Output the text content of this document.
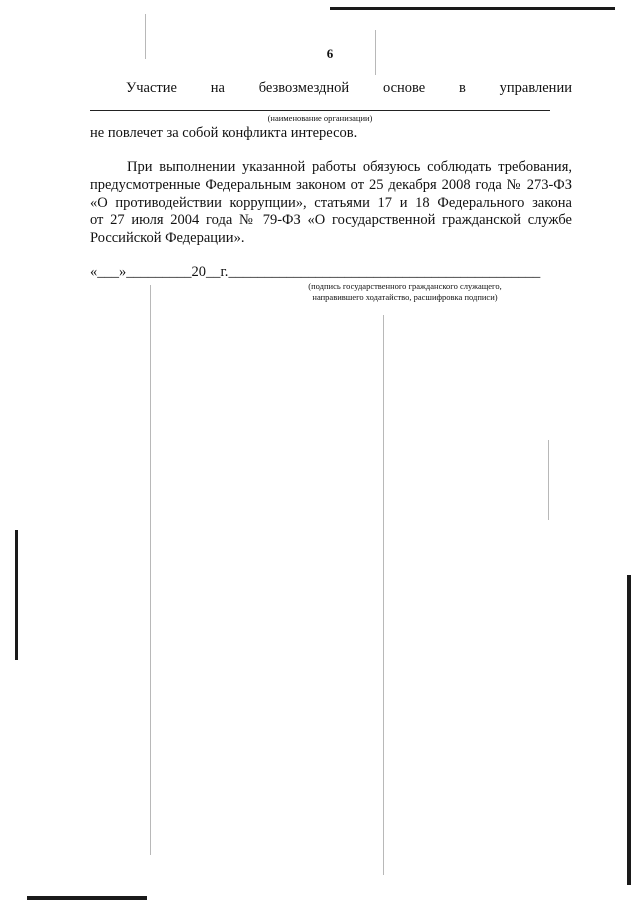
6
Участие на безвозмездной основе в управлении
(наименование организации)
не повлечет за собой конфликта интересов.
При выполнении указанной работы обязуюсь соблюдать требования,
предусмотренные Федеральным законом от 25 декабря 2008 года № 273-ФЗ
«О противодействии коррупции», статьями 17 и 18 Федерального закона
от 27 июля 2004 года № 79-ФЗ «О государственной гражданской службе
Российской Федерации».
«___»_________20__г.___________________________________________
(подпись государственного гражданского служащего,
направившего ходатайство, расшифровка подписи)
